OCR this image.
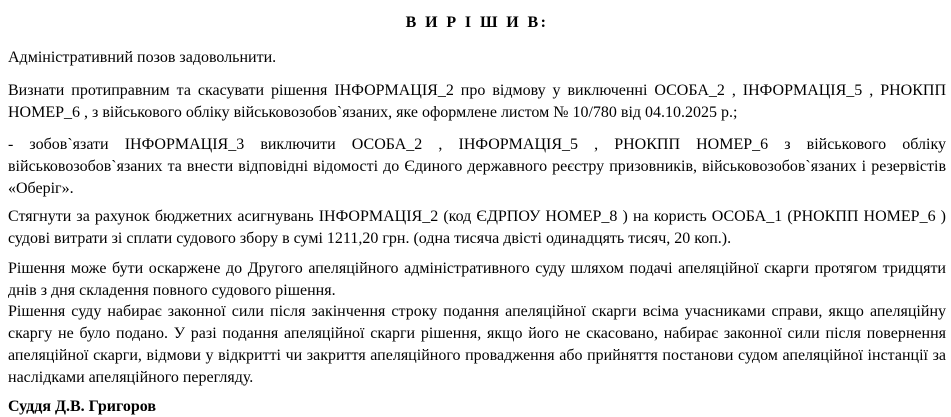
В И Р І Ш И В:

Адміністративний позов задовольнити.

Визнати протиправним та скасувати рішення ІНФОРМАЦІЯ_2 про відмову у виключенні ОСОБА_2 , ІНФОРМАЦІЯ_5 , РНОКПП НОМЕР_6 , з військового обліку військовозобов`язаних, яке оформлене листом № 10/780 від 04.10.2025 р.;

- зобов`язати ІНФОРМАЦІЯ_3 виключити ОСОБА_2 , ІНФОРМАЦІЯ_5 , РНОКПП НОМЕР_6 з військового обліку військовозобов`язаних та внести відповідні відомості до Єдиного державного реєстру призовників, військовозобов`язаних і резервістів «Оберіг».

Стягнути за рахунок бюджетних асигнувань ІНФОРМАЦІЯ_2 (код ЄДРПОУ НОМЕР_8 ) на користь ОСОБА_1 (РНОКПП НОМЕР_6 ) судові витрати зі сплати судового збору в сумі 1211,20 грн. (одна тисяча двісті одинадцять тисяч, 20 коп.).

Рішення може бути оскаржене до Другого апеляційного адміністративного суду шляхом подачі апеляційної скарги протягом тридцяти днів з дня складення повного судового рішення.

Рішення суду набирає законної сили після закінчення строку подання апеляційної скарги всіма учасниками справи, якщо апеляційну скаргу не було подано. У разі подання апеляційної скарги рішення, якщо його не скасовано, набирає законної сили після повернення апеляційної скарги, відмови у відкритті чи закриття апеляційного провадження або прийняття постанови судом апеляційної інстанції за наслідками апеляційного перегляду.

Суддя Д.В. Григоров
